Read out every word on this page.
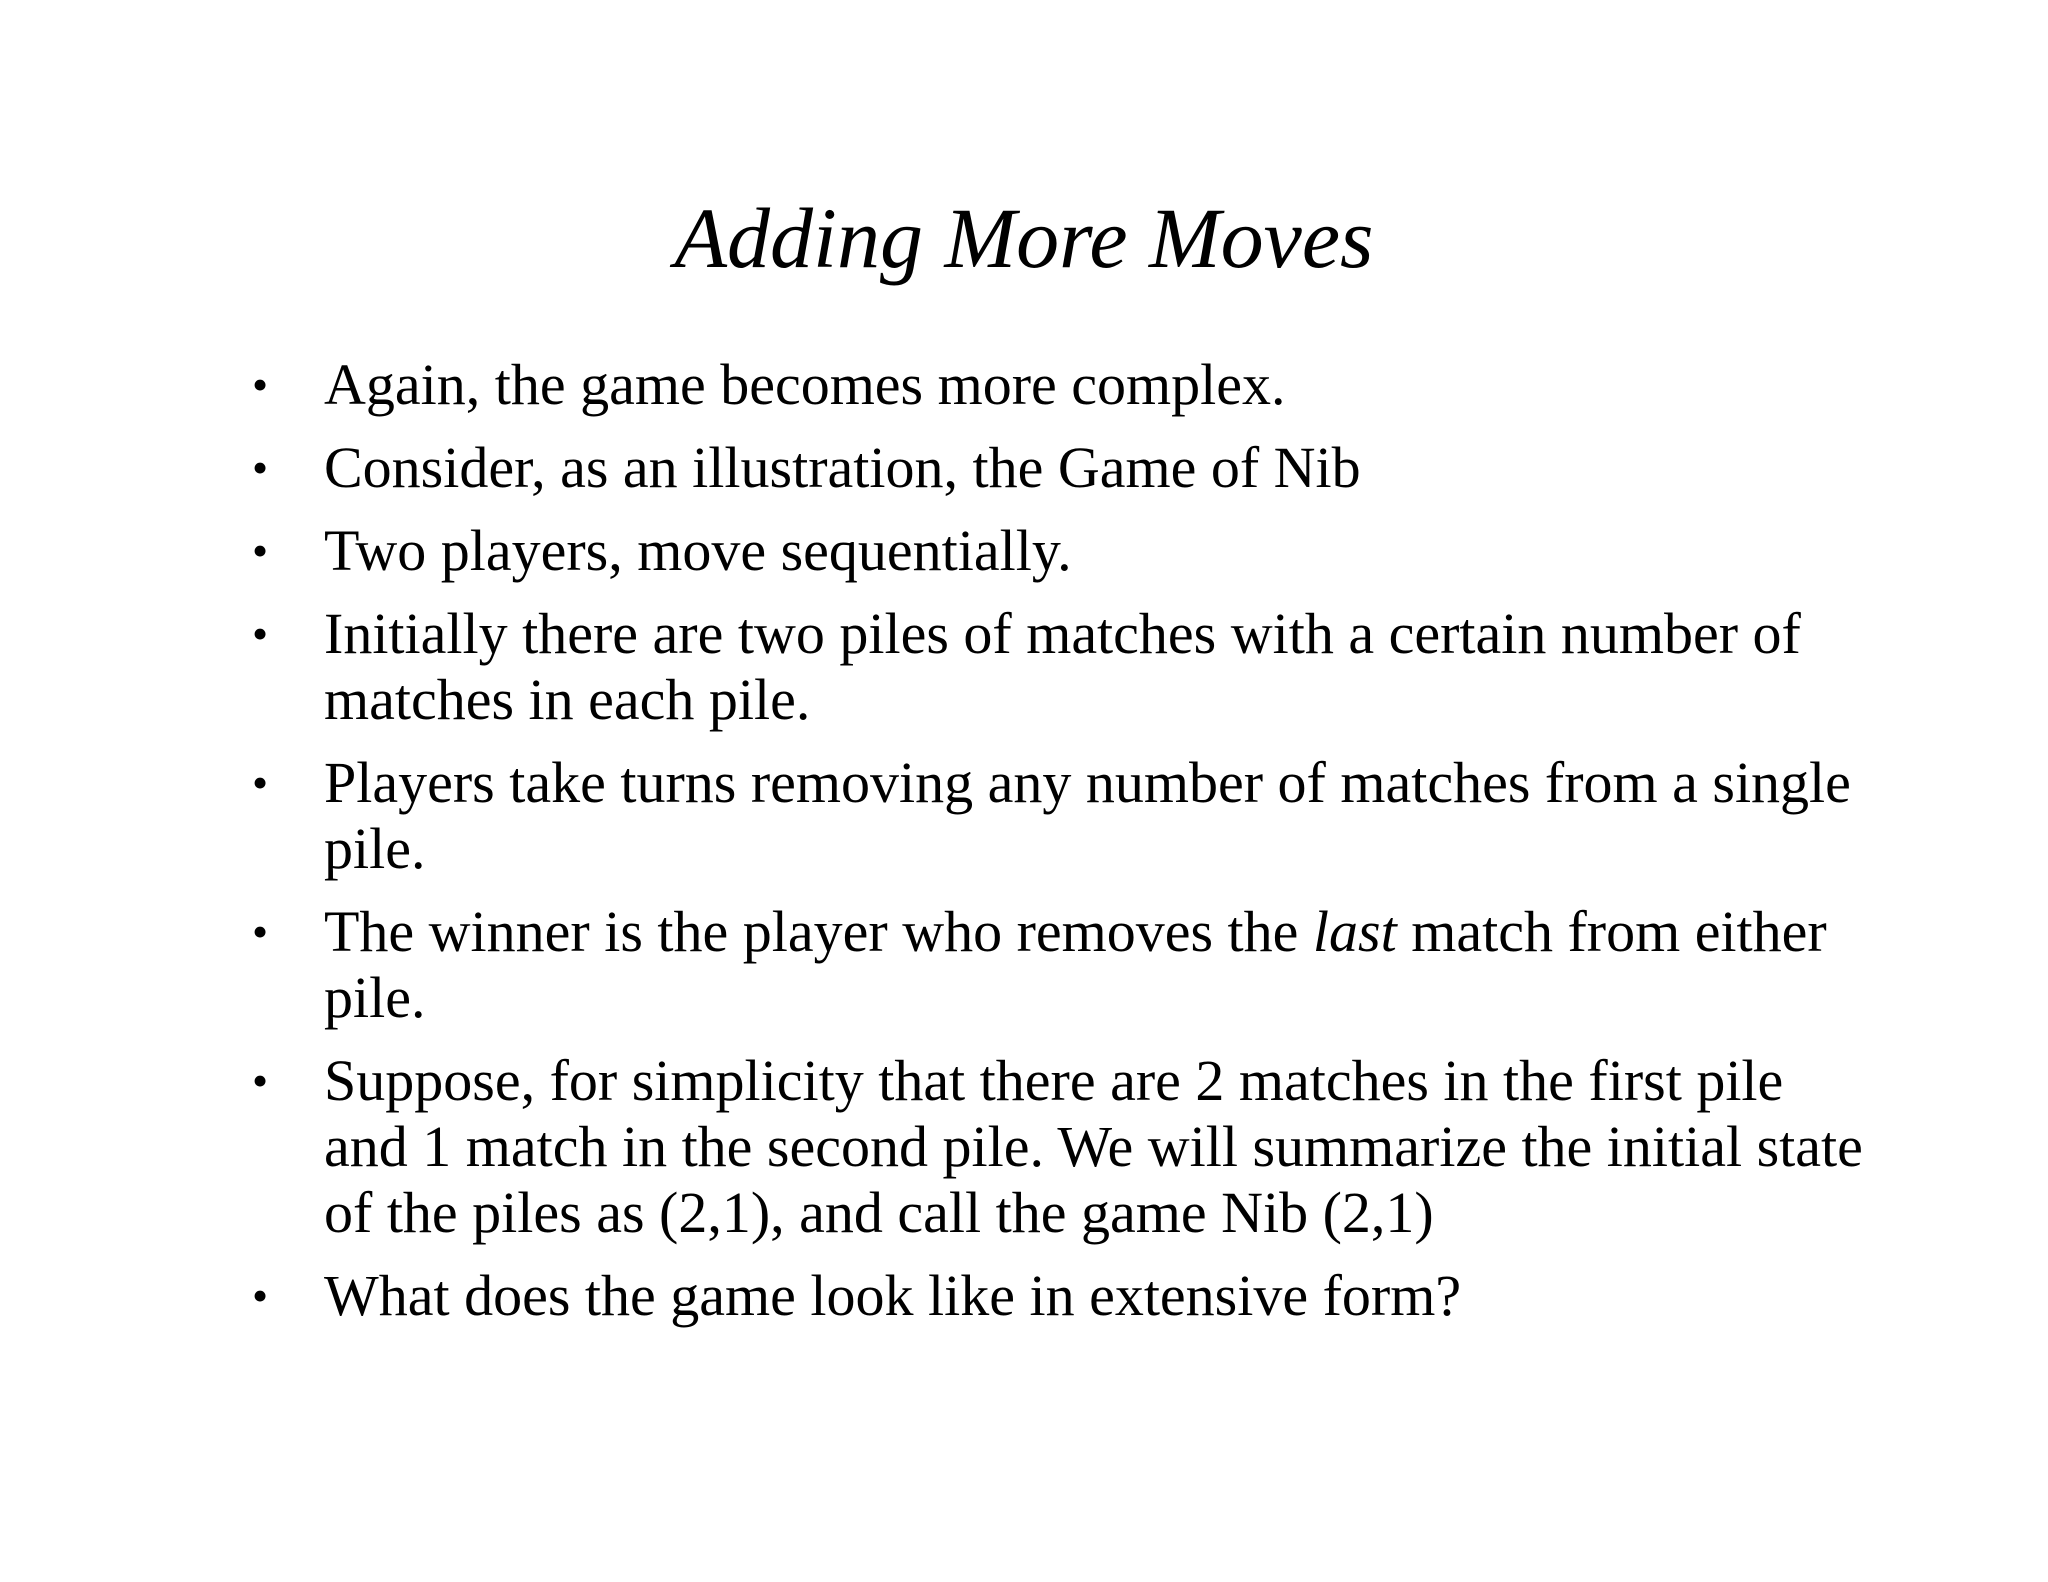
Adding More Moves
• Again, the game becomes more complex.
• Consider, as an illustration, the Game of Nib
• Two players, move sequentially.
• Initially there are two piles of matches with a certain number of matches in each pile.
• Players take turns removing any number of matches from a single pile.
• The winner is the player who removes the last match from either pile.
• Suppose, for simplicity that there are 2 matches in the first pile and 1 match in the second pile. We will summarize the initial state of the piles as (2,1), and call the game Nib (2,1)
• What does the game look like in extensive form?
